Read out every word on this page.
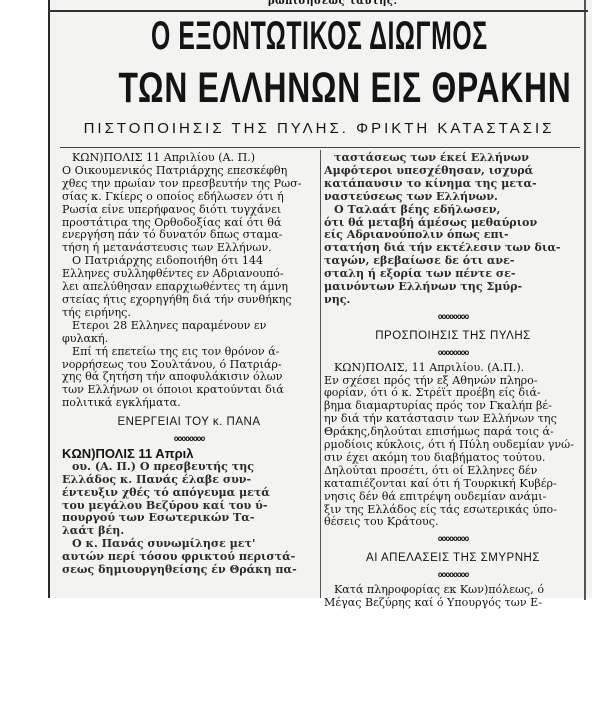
ρωπισησεως ταυτης.
Ο ΕΞΟΝΤΩΤΙΚΟΣ ΔΙΩΓΜΟΣ
ΤΩΝ ΕΛΛΗΝΩΝ ΕΙΣ ΘΡΑΚΗΝ
ΠΙΣΤΟΠΟΙΗΣΙΣ ΤΗΣ ΠΥΛΗΣ. ΦΡΙΚΤΗ ΚΑΤΑΣΤΑΣΙΣ
ΚΩΝ)ΠΟΛΙΣ 11 Απριλίου (Α. Π.)
Ο Οικουμενικός Πατριάρχης επεσκέφθη
χθες την πρωίαν τον πρεσβευτήν της Ρωσ-
σίας κ. Γκίερς ο οποίος εδήλωσεν ότι ή
Ρωσία είνε υπερήφανος διότι τυγχάνει
προστάτιρα της Ορθοδοξίας καί ότι θά
ενεργήση πάν τό δυνατόν δπως σταμα-
τήση ή μετανάστευσις των Ελλήνων.
Ο Πατριάρχης ειδοποιήθη ότι 144
Ελληνες συλληφθέντες εν Αδριανουπό-
λει απελύθησαν επαρχιωθέντες τη άμνη
στείας ήτις εχορηγήθη διά τήν συνθήκης
τής ειρήνης.
Ετεροι 28 Ελληνες παραμένουν εν
φυλακή.
Επί τή επετείω της εις τον θρόνον ά-
νορρήσεως του Σουλτάνου, ό Πατριάρ-
χης θά ζητήση τήν αποφυλάκισιν όλων
των Ελλήνων οι όποιοι κρατούνται διά
πολιτικά εγκλήματα.
ΕΝΕΡΓΕΙΑΙ ΤΟΥ κ. ΠΑΝΑ
oooooooo
ΚΩΝ)ΠΟΛΙΣ 11 Απριλ
ου. (Α. Π.) Ο πρεσβευτής της
Ελλάδος κ. Πανάς έλαβε συν-
έντευξιν χθές τό απόγευμα μετά
του μεγάλου Βεζύρου καί του ύ-
πουργού των Εσωτερικών Τα-
λαάτ βέη.
Ο κ. Πανάς συνωμίλησε μετ'
αυτών περί τόσου φρικτού περιστά-
σεως δημιουργηθείσης έν Θράκη πα-
ταστάσεως των έκεί Ελλήνων
Αμφότεροι υπεσχέθησαν, ισχυρά
κατάπαυσιν το κίνημα της μετα-
ναστεύσεως των Ελλήνων.
Ο Ταλαάτ βέης εδήλωσεν,
ότι θά μεταβή άμέσως μεθαύριον
είς Αδριανούπολιν όπως επι-
στατήση διά τήν εκτέλεσιν των δια-
ταγών, εβεβαίωσε δε ότι ανε-
σταλη ή εξορία των πέντε σε-
μαινόντων Ελλήνων της Σμύρ-
νης.
oooooooo
ΠΡΟΣΠΟΙΗΣΙΣ ΤΗΣ ΠΥΛΗΣ
oooooooo
ΚΩΝ)ΠΟΛΙΣ, 11 Απριλίου. (Α.Π.).
Εν σχέσει πρός τήν εξ Αθηνών πληρο-
φορίαν, ότι ό κ. Στρέϊτ προέβη είς διά-
βημα διαμαρτυρίας πρός τον Γκαλήπ βέ-
ην διά τήν κατάστασιν των Ελλήνων της
Θράκης,δηλούται επισήμως παρά τοις ά-
ρμοδίοις κύκλοις, ότι ή Πύλη ουδεμίαν γνώ-
σιν έχει ακόμη του διαβήματος τούτου.
Δηλούται προσέτι, ότι οί Ελληνες δέν
καταπιέζονται καί ότι ή Τουρκική Κυβέρ-
νησις δέν θά επιτρέψη ουδεμίαν ανάμι-
ξιν της Ελλάδος είς τάς εσωτερικάς ύπο-
θέσεις του Κράτους.
oooooooo
ΑΙ ΑΠΕΛΑΣΕΙΣ ΤΗΣ ΣΜΥΡΝΗΣ
oooooooo
Κατά πληροφορίας εκ Κων)πόλεως, ό
Μέγας Βεζύρης καί ό Υπουργός των Ε-
